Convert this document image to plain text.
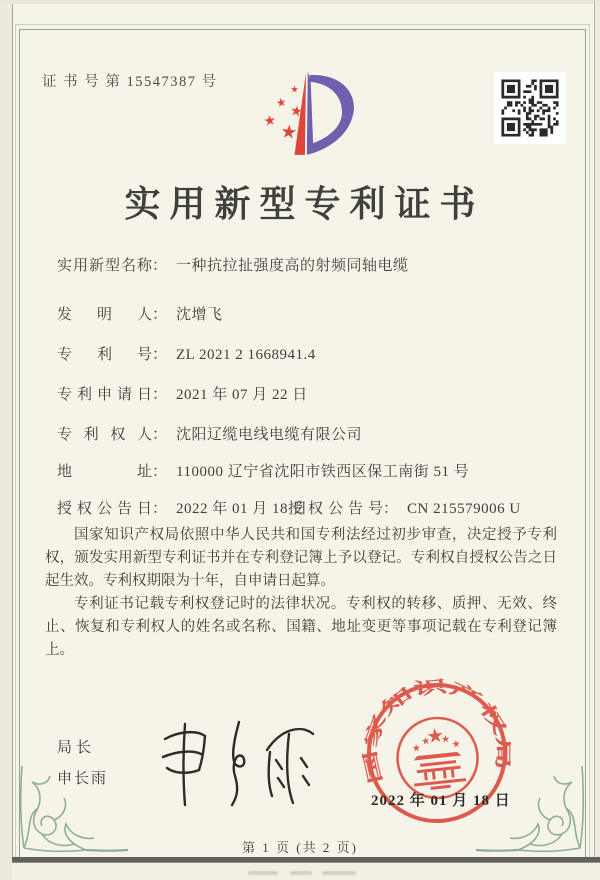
证 书 号 第 15547387 号
实用新型专利证书
实用新型名称： 一种抗拉扯强度高的射频同轴电缆
发明人： 沈增飞
专利号： ZL 2021 2 1668941.4
专利申请日： 2021 年 07 月 22 日
专利权人： 沈阳辽缆电线电缆有限公司
地址： 110000 辽宁省沈阳市铁西区保工南街 51 号
授权公告日： 2022 年 01 月 18 日
授权公告号： CN 215579006 U

国家知识产权局依照中华人民共和国专利法经过初步审查，决定授予专利权，颁发实用新型专利证书并在专利登记簿上予以登记。专利权自授权公告之日起生效。专利权期限为十年，自申请日起算。

专利证书记载专利权登记时的法律状况。专利权的转移、质押、无效、终止、恢复和专利权人的姓名或名称、国籍、地址变更等事项记载在专利登记簿上。

局长
申长雨	国家知识产权局
2022 年 01 月 18 日
第 1 页 (共 2 页)
